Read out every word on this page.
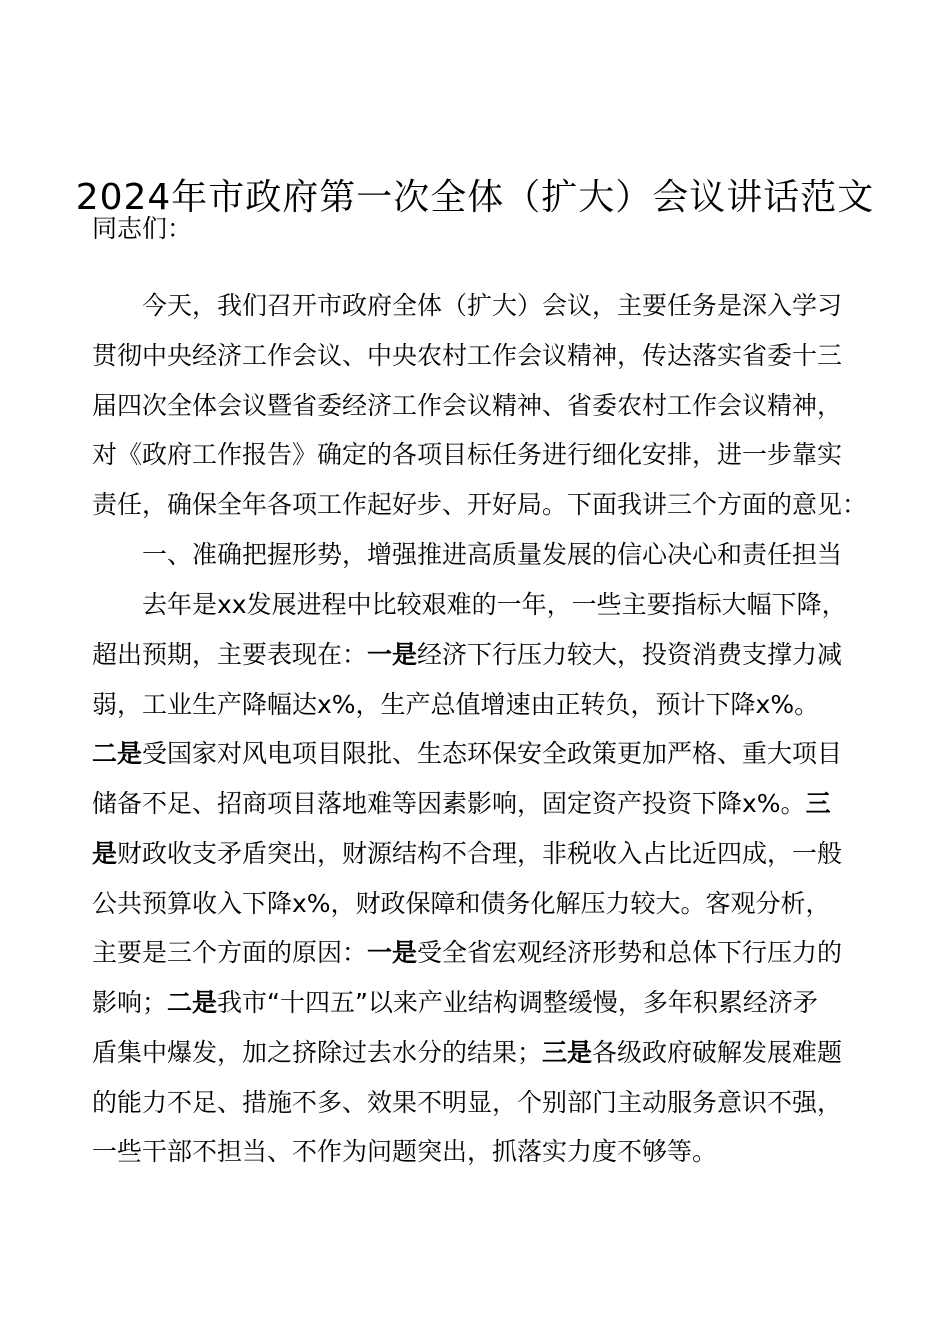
2024年市政府第一次全体（扩大）会议讲话范文
同志们：
今天，我们召开市政府全体（扩大）会议，主要任务是深入学习
贯彻中央经济工作会议、中央农村工作会议精神，传达落实省委十三
届四次全体会议暨省委经济工作会议精神、省委农村工作会议精神，
对《政府工作报告》确定的各项目标任务进行细化安排，进一步靠实
责任，确保全年各项工作起好步、开好局。下面我讲三个方面的意见：
一、准确把握形势，增强推进高质量发展的信心决心和责任担当
去年是xx发展进程中比较艰难的一年，一些主要指标大幅下降，
超出预期，主要表现在：一是经济下行压力较大，投资消费支撑力减
弱，工业生产降幅达x%，生产总值增速由正转负，预计下降x%。
二是受国家对风电项目限批、生态环保安全政策更加严格、重大项目
储备不足、招商项目落地难等因素影响，固定资产投资下降x%。三
是财政收支矛盾突出，财源结构不合理，非税收入占比近四成，一般
公共预算收入下降x%，财政保障和债务化解压力较大。客观分析，
主要是三个方面的原因：一是受全省宏观经济形势和总体下行压力的
影响；二是我市“十四五”以来产业结构调整缓慢，多年积累经济矛
盾集中爆发，加之挤除过去水分的结果；三是各级政府破解发展难题
的能力不足、措施不多、效果不明显，个别部门主动服务意识不强，
一些干部不担当、不作为问题突出，抓落实力度不够等。
